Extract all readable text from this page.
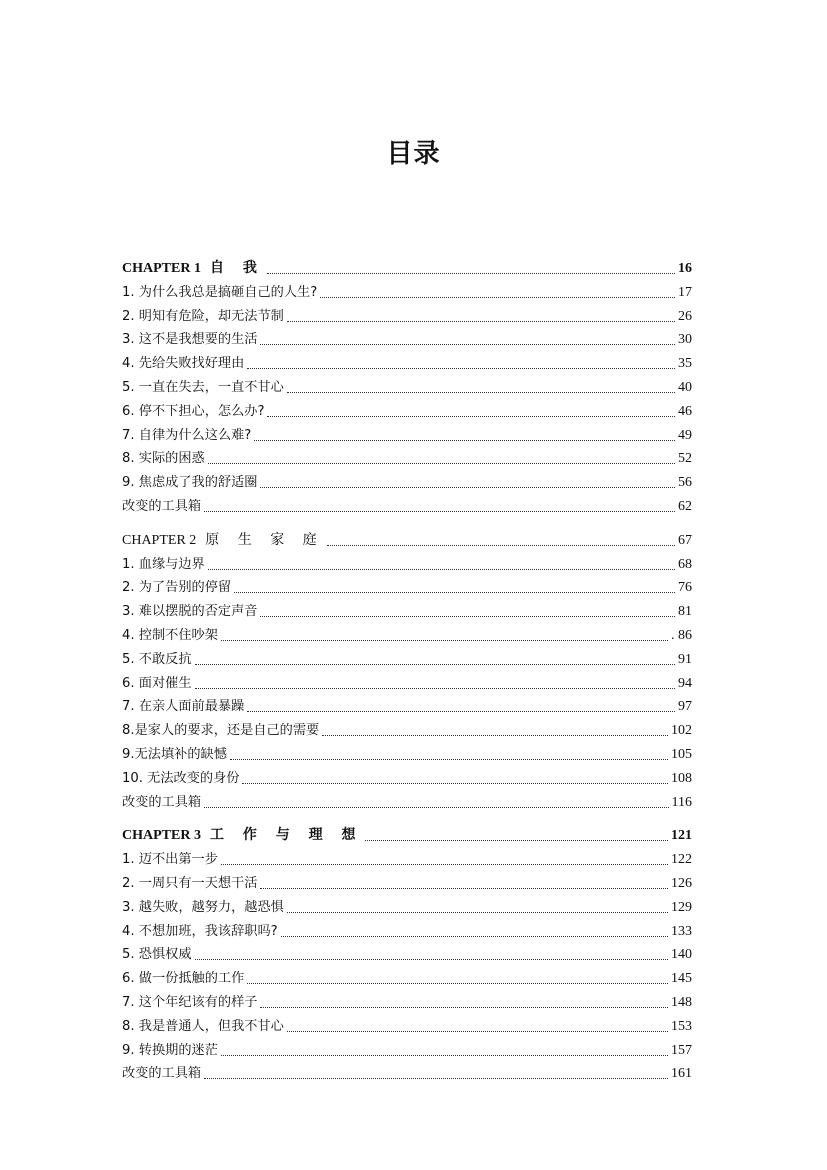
目录
CHAPTER 1 自 我	16
1. 为什么我总是搞砸自己的人生?	17
2. 明知有危险，却无法节制	26
3. 这不是我想要的生活	30
4. 先给失败找好理由	35
5. 一直在失去，一直不甘心	40
6. 停不下担心，怎么办?	46
7. 自律为什么这么难?	49
8. 实际的困惑	52
9. 焦虑成了我的舒适圈	56
改变的工具箱	62
CHAPTER 2 原 生 家 庭	67
1. 血缘与边界	68
2. 为了告别的停留	76
3. 难以摆脱的否定声音	81
4. 控制不住吵架	. 86
5. 不敢反抗	91
6. 面对催生	94
7. 在亲人面前最暴躁	97
8.是家人的要求，还是自己的需要	102
9.无法填补的缺憾	105
10. 无法改变的身份	108
改变的工具箱	116
CHAPTER 3 工 作 与 理 想	121
1. 迈不出第一步	122
2. 一周只有一天想干活	126
3. 越失败，越努力，越恐惧	129
4. 不想加班，我该辞职吗?	133
5. 恐惧权威	140
6. 做一份抵触的工作	145
7. 这个年纪该有的样子	148
8. 我是普通人，但我不甘心	153
9. 转换期的迷茫	157
改变的工具箱	161
